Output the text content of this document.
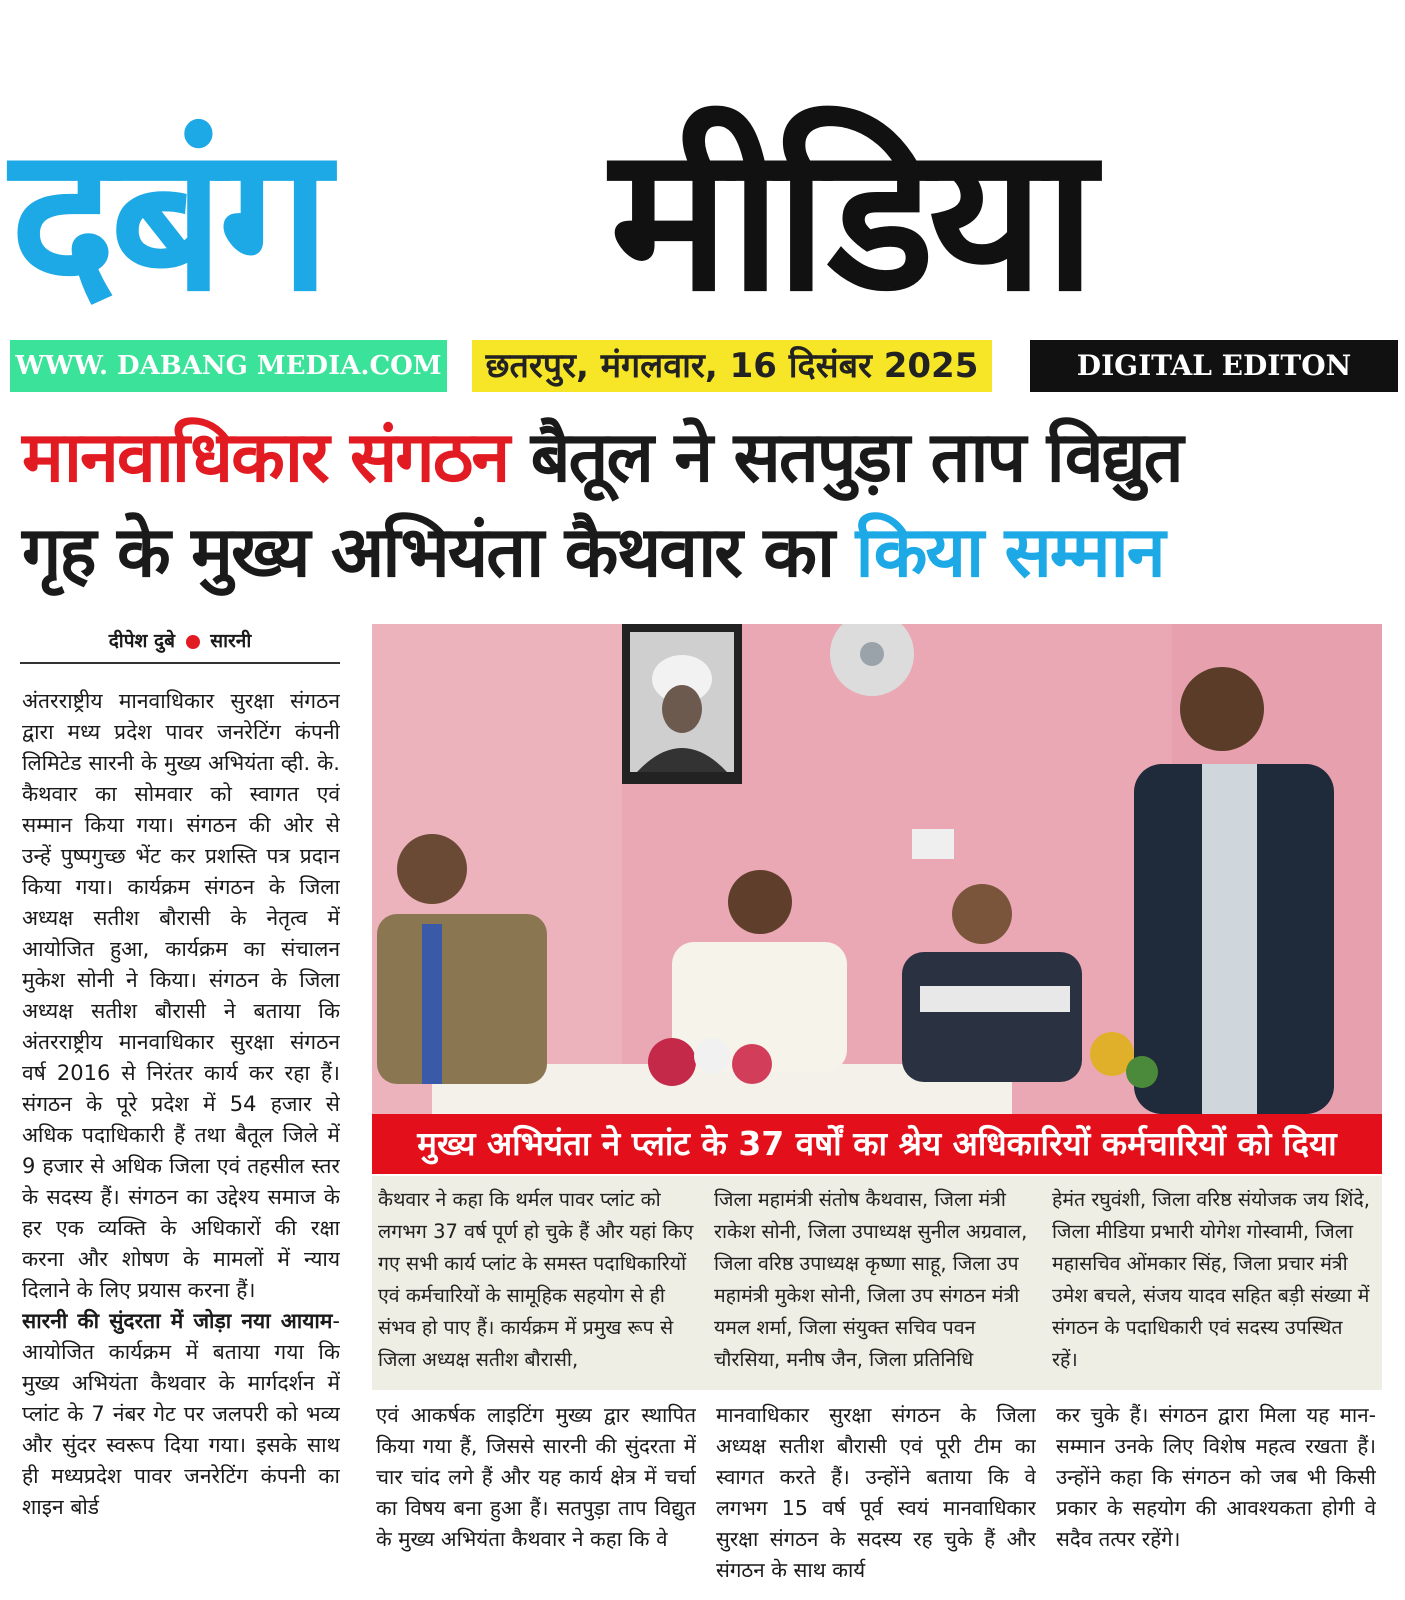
दबंग	मीडिया
WWW. DABANG MEDIA.COM	छतरपुर, मंगलवार, 16 दिसंबर 2025	DIGITAL EDITON
मानवाधिकार संगठन बैतूल ने सतपुड़ा ताप विद्युत
गृह के मुख्य अभियंता कैथवार का किया सम्मान
दीपेश दुबे सारनी

अंतरराष्ट्रीय मानवाधिकार सुरक्षा संगठन द्वारा मध्य प्रदेश पावर जनरेटिंग कंपनी लिमिटेड सारनी के मुख्य अभियंता व्ही. के. कैथवार का सोमवार को स्वागत एवं सम्मान किया गया। संगठन की ओर से उन्हें पुष्पगुच्छ भेंट कर प्रशस्ति पत्र प्रदान किया गया। कार्यक्रम संगठन के जिला अध्यक्ष सतीश बौरासी के नेतृत्व में आयोजित हुआ, कार्यक्रम का संचालन मुकेश सोनी ने किया। संगठन के जिला अध्यक्ष सतीश बौरासी ने बताया कि अंतरराष्ट्रीय मानवाधिकार सुरक्षा संगठन वर्ष 2016 से निरंतर कार्य कर रहा हैं। संगठन के पूरे प्रदेश में 54 हजार से अधिक पदाधिकारी हैं तथा बैतूल जिले में 9 हजार से अधिक जिला एवं तहसील स्तर के सदस्य हैं। संगठन का उद्देश्य समाज के हर एक व्यक्ति के अधिकारों की रक्षा करना और शोषण के मामलों में न्याय दिलाने के लिए प्रयास करना हैं।

सारनी की सुंदरता में जोड़ा नया आयाम-आयोजित कार्यक्रम में बताया गया कि मुख्य अभियंता कैथवार के मार्गदर्शन में प्लांट के 7 नंबर गेट पर जलपरी को भव्य और सुंदर स्वरूप दिया गया। इसके साथ ही मध्यप्रदेश पावर जनरेटिंग कंपनी का शाइन बोर्ड

मुख्य अभियंता ने प्लांट के 37 वर्षों का श्रेय अधिकारियों कर्मचारियों को दिया

कैथवार ने कहा कि थर्मल पावर प्लांट को लगभग 37 वर्ष पूर्ण हो चुके हैं और यहां किए गए सभी कार्य प्लांट के समस्त पदाधिकारियों एवं कर्मचारियों के सामूहिक सहयोग से ही संभव हो पाए हैं। कार्यक्रम में प्रमुख रूप से जिला अध्यक्ष सतीश बौरासी,

जिला महामंत्री संतोष कैथवास, जिला मंत्री राकेश सोनी, जिला उपाध्यक्ष सुनील अग्रवाल, जिला वरिष्ठ उपाध्यक्ष कृष्णा साहू, जिला उप महामंत्री मुकेश सोनी, जिला उप संगठन मंत्री यमल शर्मा, जिला संयुक्त सचिव पवन चौरसिया, मनीष जैन, जिला प्रतिनिधि

हेमंत रघुवंशी, जिला वरिष्ठ संयोजक जय शिंदे, जिला मीडिया प्रभारी योगेश गोस्वामी, जिला महासचिव ओंमकार सिंह, जिला प्रचार मंत्री उमेश बचले, संजय यादव सहित बड़ी संख्या में संगठन के पदाधिकारी एवं सदस्य उपस्थित रहें।

एवं आकर्षक लाइटिंग मुख्य द्वार स्थापित किया गया हैं, जिससे सारनी की सुंदरता में चार चांद लगे हैं और यह कार्य क्षेत्र में चर्चा का विषय बना हुआ हैं। सतपुड़ा ताप विद्युत के मुख्य अभियंता कैथवार ने कहा कि वे

मानवाधिकार सुरक्षा संगठन के जिला अध्यक्ष सतीश बौरासी एवं पूरी टीम का स्वागत करते हैं। उन्होंने बताया कि वे लगभग 15 वर्ष पूर्व स्वयं मानवाधिकार सुरक्षा संगठन के सदस्य रह चुके हैं और संगठन के साथ कार्य

कर चुके हैं। संगठन द्वारा मिला यह मान-सम्मान उनके लिए विशेष महत्व रखता हैं। उन्होंने कहा कि संगठन को जब भी किसी प्रकार के सहयोग की आवश्यकता होगी वे सदैव तत्पर रहेंगे।
